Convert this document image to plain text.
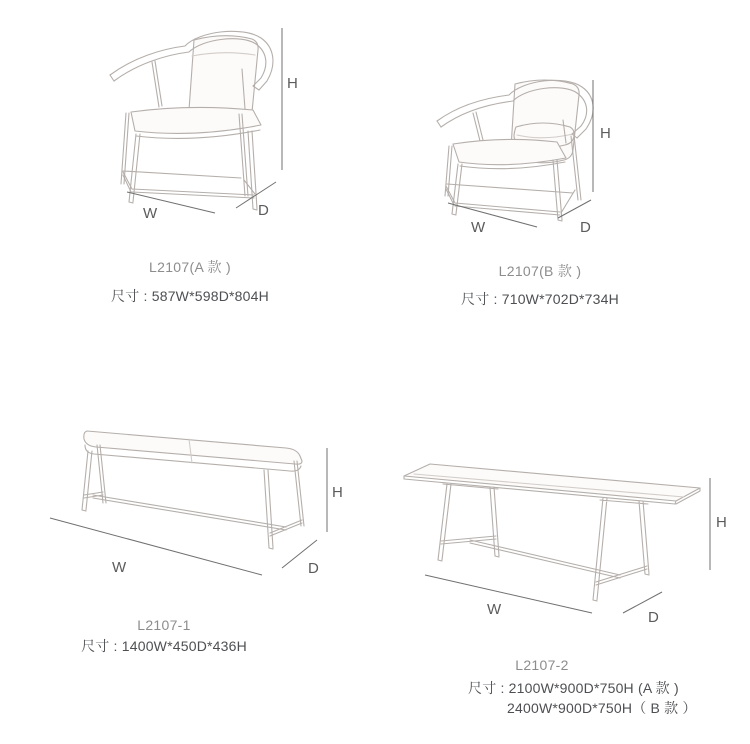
H
W	D
L2107(A 款 )
尺寸 : 587W*598D*804H
H
W	D
L2107(B 款 )
尺寸 : 710W*702D*734H
H
W	D
L2107-1
尺寸 : 1400W*450D*436H
H
W	D
L2107-2
尺寸 : 2100W*900D*750H (A 款 )
2400W*900D*750H（ B 款 ）
